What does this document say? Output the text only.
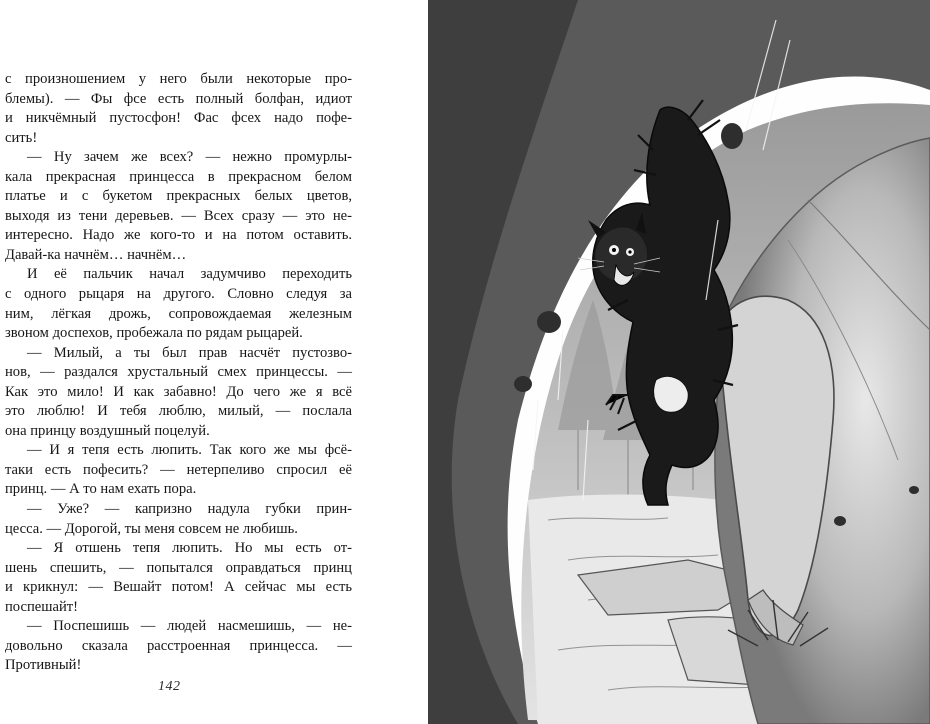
с произношением у него были некоторые про-
блемы). — Фы фсе есть полный болфан, идиот
и никчёмный пустосфон! Фас фсех надо пофе-
сить!
— Ну зачем же всех? — нежно промурлы-
кала прекрасная принцесса в прекрасном белом
платье и с букетом прекрасных белых цветов,
выходя из тени деревьев. — Всех сразу — это не-
интересно. Надо же кого-то и на потом оставить.
Давай-ка начнём… начнём…
И её пальчик начал задумчиво переходить
с одного рыцаря на другого. Словно следуя за
ним, лёгкая дрожь, сопровождаемая железным
звоном доспехов, пробежала по рядам рыцарей.
— Милый, а ты был прав насчёт пустозво-
нов, — раздался хрустальный смех принцессы. —
Как это мило! И как забавно! До чего же я всё
это люблю! И тебя люблю, милый, — послала
она принцу воздушный поцелуй.
— И я тепя есть люпить. Так кого же мы фсё-
таки есть пофесить? — нетерпеливо спросил её
принц. — А то нам ехать пора.
— Уже? — капризно надула губки прин-
цесса. — Дорогой, ты меня совсем не любишь.
— Я отшень тепя люпить. Но мы есть от-
шень спешить, — попытался оправдаться принц
и крикнул: — Вешайт потом! А сейчас мы есть
поспешайт!
— Поспешишь — людей насмешишь, — не-
довольно сказала расстроенная принцесса. —
Противный!
142
